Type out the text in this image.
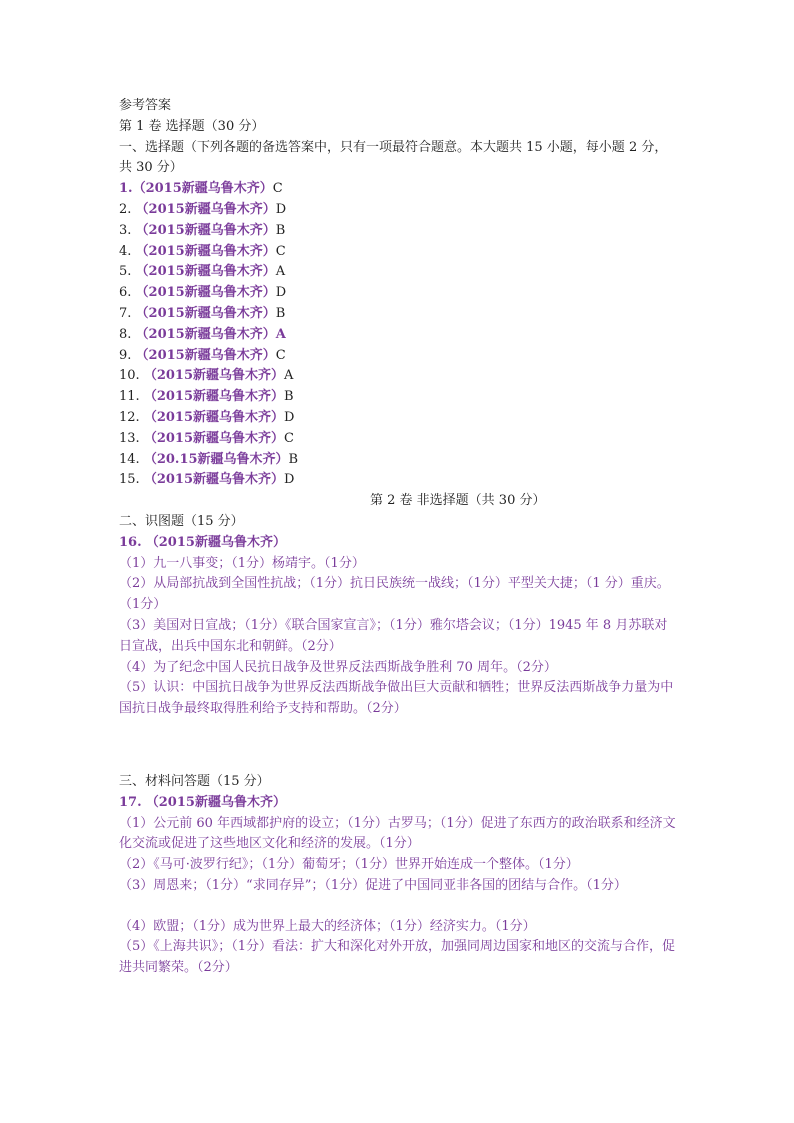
参考答案

第 1 卷 选择题（30 分）

一、选择题（下列各题的备选答案中，只有一项最符合题意。本大题共 15 小题，每小题 2 分，共 30 分）

1.（2015新疆乌鲁木齐）C

2. （2015新疆乌鲁木齐）D

3. （2015新疆乌鲁木齐）B

4. （2015新疆乌鲁木齐）C

5. （2015新疆乌鲁木齐）A

6. （2015新疆乌鲁木齐）D

7. （2015新疆乌鲁木齐）B

8. （2015新疆乌鲁木齐）A

9. （2015新疆乌鲁木齐）C

10. （2015新疆乌鲁木齐）A

11. （2015新疆乌鲁木齐）B

12. （2015新疆乌鲁木齐）D

13. （2015新疆乌鲁木齐）C

14. （20.15新疆乌鲁木齐）B

15. （2015新疆乌鲁木齐）D

第 2 卷 非选择题（共 30 分）

二、识图题（15 分）

16. （2015新疆乌鲁木齐）

（1）九一八事变；（1分）杨靖宇。（1分）

（2）从局部抗战到全国性抗战；（1分）抗日民族统一战线；（1分）平型关大捷；（1 分）重庆。（1分）

（3）美国对日宣战；（1分）《联合国家宣言》；（1分）雅尔塔会议；（1分）1945 年 8 月苏联对日宣战，出兵中国东北和朝鲜。（2分）

（4）为了纪念中国人民抗日战争及世界反法西斯战争胜利 70 周年。（2分）

（5）认识：中国抗日战争为世界反法西斯战争做出巨大贡献和牺牲；世界反法西斯战争力量为中国抗日战争最终取得胜利给予支持和帮助。（2分）

三、材料问答题（15 分）

17. （2015新疆乌鲁木齐）

（1）公元前 60 年西域都护府的设立；（1分）古罗马；（1分）促进了东西方的政治联系和经济文化交流或促进了这些地区文化和经济的发展。（1分）

（2）《马可·波罗行纪》；（1分）葡萄牙；（1分）世界开始连成一个整体。（1分）

（3）周恩来；（1分）“求同存异”；（1分）促进了中国同亚非各国的团结与合作。（1分）

（4）欧盟；（1分）成为世界上最大的经济体；（1分）经济实力。（1分）

（5）《上海共识》；（1分）看法：扩大和深化对外开放，加强同周边国家和地区的交流与合作，促进共同繁荣。（2分）
